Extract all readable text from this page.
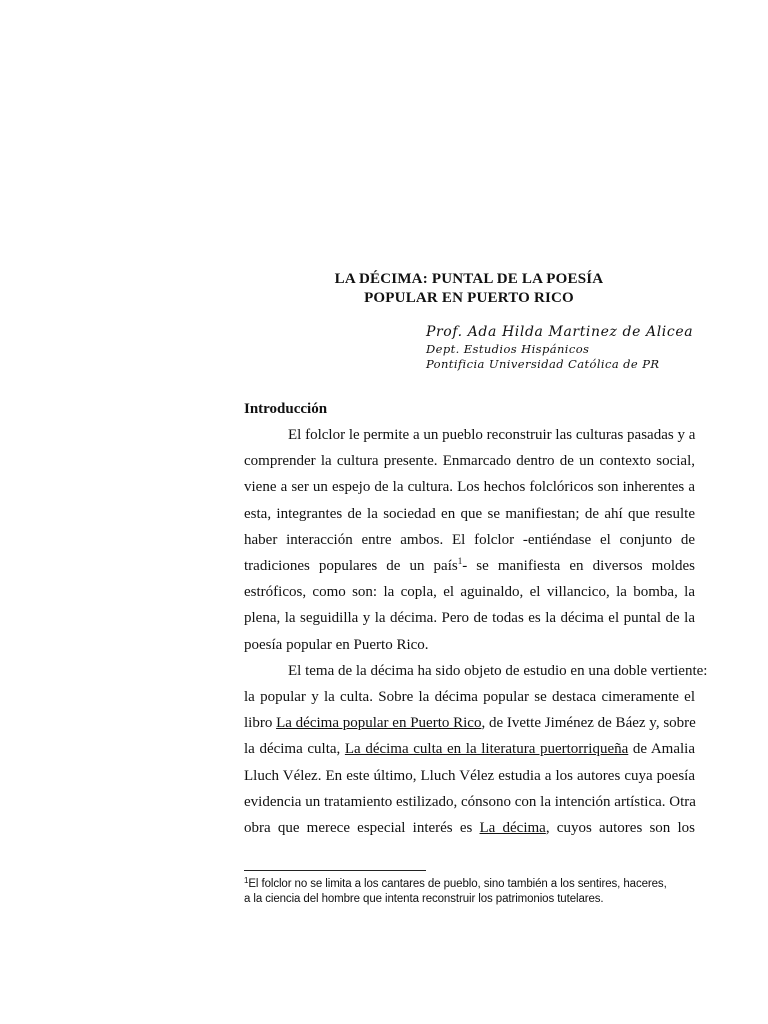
LA DÉCIMA: PUNTAL DE LA POESÍA
POPULAR EN PUERTO RICO
Prof. Ada Hilda Martinez de Alicea
Dept. Estudios Hispánicos
Pontificia Universidad Católica de PR
Introducción
El folclor le permite a un pueblo reconstruir las culturas pasadas y a
comprender la cultura presente. Enmarcado dentro de un contexto social,
viene a ser un espejo de la cultura. Los hechos folclóricos son inherentes a
esta, integrantes de la sociedad en que se manifiestan; de ahí que resulte
haber interacción entre ambos. El folclor -entiéndase el conjunto de
tradiciones populares de un país$^1$- se manifiesta en diversos moldes
estróficos, como son: la copla, el aguinaldo, el villancico, la bomba, la
plena, la seguidilla y la décima. Pero de todas es la décima el puntal de la
poesía popular en Puerto Rico.
El tema de la décima ha sido objeto de estudio en una doble vertiente:
la popular y la culta. Sobre la décima popular se destaca cimeramente el
libro La décima popular en Puerto Rico, de Ivette Jiménez de Báez y, sobre
la décima culta, La décima culta en la literatura puertorriqueña de Amalia
Lluch Vélez. En este último, Lluch Vélez estudia a los autores cuya poesía
evidencia un tratamiento estilizado, cónsono con la intención artística. Otra
obra que merece especial interés es La décima, cuyos autores son los
$^1$El folclor no se limita a los cantares de pueblo, sino también a los sentires, haceres,
a la ciencia del hombre que intenta reconstruir los patrimonios tutelares.
